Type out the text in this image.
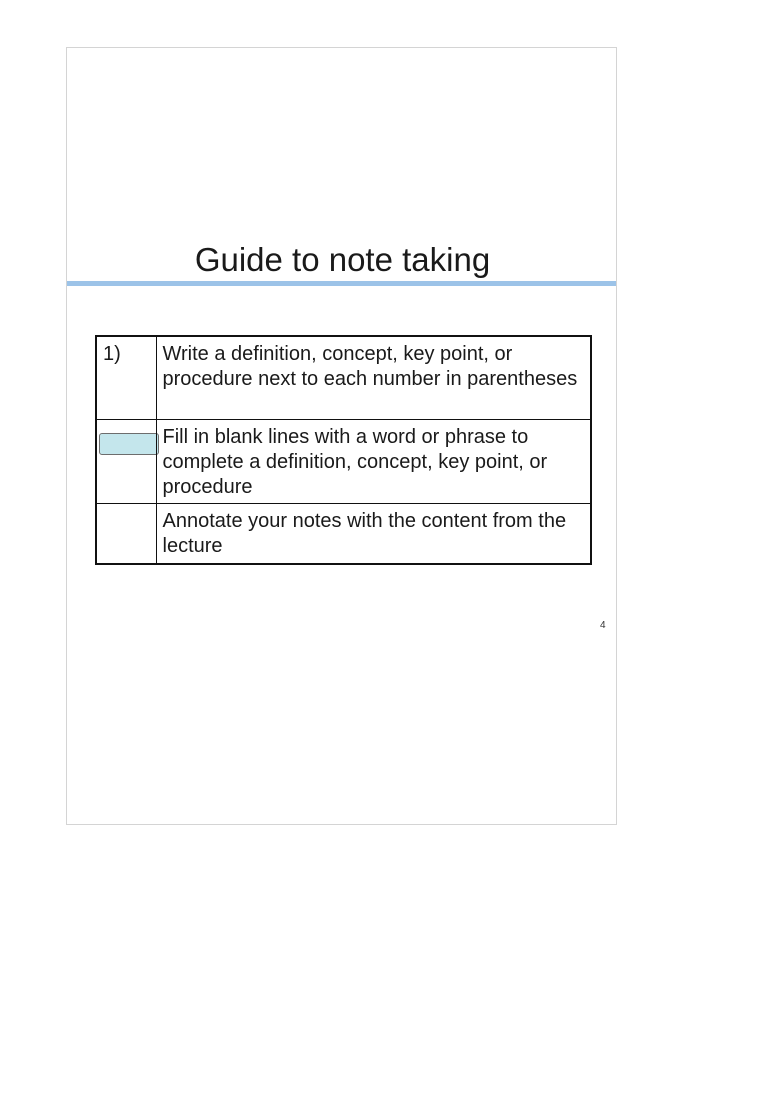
Guide to note taking
1)	Write a definition, concept, key point, or procedure next to each number in parentheses

	Fill in blank lines with a word or phrase to complete a definition, concept, key point, or procedure
	Annotate your notes with the content from the lecture
4
